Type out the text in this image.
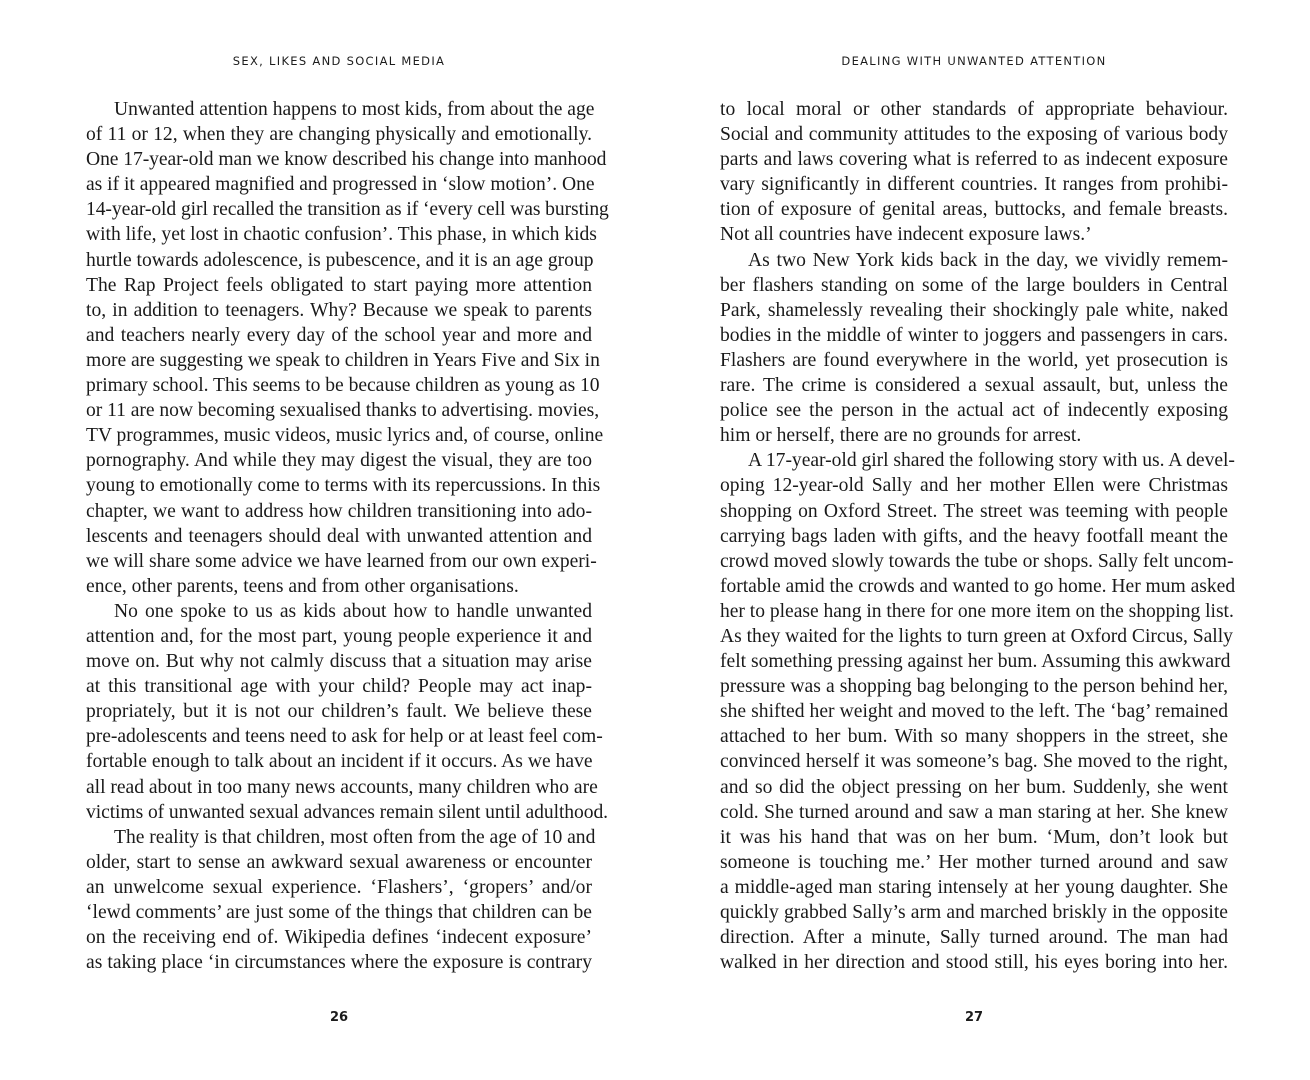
SEX, LIKES AND SOCIAL MEDIA
Unwanted attention happens to most kids, from about the age
of 11 or 12, when they are changing physically and emotionally.
One 17-year-old man we know described his change into manhood
as if it appeared magnified and progressed in ‘slow motion’. One
14-year-old girl recalled the transition as if ‘every cell was bursting
with life, yet lost in chaotic confusion’. This phase, in which kids
hurtle towards adolescence, is pubescence, and it is an age group
The Rap Project feels obligated to start paying more attention
to, in addition to teenagers. Why? Because we speak to parents
and teachers nearly every day of the school year and more and
more are suggesting we speak to children in Years Five and Six in
primary school. This seems to be because children as young as 10
or 11 are now becoming sexualised thanks to advertising. movies,
TV programmes, music videos, music lyrics and, of course, online
pornography. And while they may digest the visual, they are too
young to emotionally come to terms with its repercussions. In this
chapter, we want to address how children transitioning into ado-
lescents and teenagers should deal with unwanted attention and
we will share some advice we have learned from our own experi-
ence, other parents, teens and from other organisations.
No one spoke to us as kids about how to handle unwanted
attention and, for the most part, young people experience it and
move on. But why not calmly discuss that a situation may arise
at this transitional age with your child? People may act inap-
propriately, but it is not our children’s fault. We believe these
pre-adolescents and teens need to ask for help or at least feel com-
fortable enough to talk about an incident if it occurs. As we have
all read about in too many news accounts, many children who are
victims of unwanted sexual advances remain silent until adulthood.
The reality is that children, most often from the age of 10 and
older, start to sense an awkward sexual awareness or encounter
an unwelcome sexual experience. ‘Flashers’, ‘gropers’ and/or
‘lewd comments’ are just some of the things that children can be
on the receiving end of. Wikipedia defines ‘indecent exposure’
as taking place ‘in circumstances where the exposure is contrary
26
DEALING WITH UNWANTED ATTENTION
to local moral or other standards of appropriate behaviour.
Social and community attitudes to the exposing of various body
parts and laws covering what is referred to as indecent exposure
vary significantly in different countries. It ranges from prohibi-
tion of exposure of genital areas, buttocks, and female breasts.
Not all countries have indecent exposure laws.’
As two New York kids back in the day, we vividly remem-
ber flashers standing on some of the large boulders in Central
Park, shamelessly revealing their shockingly pale white, naked
bodies in the middle of winter to joggers and passengers in cars.
Flashers are found everywhere in the world, yet prosecution is
rare. The crime is considered a sexual assault, but, unless the
police see the person in the actual act of indecently exposing
him or herself, there are no grounds for arrest.
A 17-year-old girl shared the following story with us. A devel-
oping 12-year-old Sally and her mother Ellen were Christmas
shopping on Oxford Street. The street was teeming with people
carrying bags laden with gifts, and the heavy footfall meant the
crowd moved slowly towards the tube or shops. Sally felt uncom-
fortable amid the crowds and wanted to go home. Her mum asked
her to please hang in there for one more item on the shopping list.
As they waited for the lights to turn green at Oxford Circus, Sally
felt something pressing against her bum. Assuming this awkward
pressure was a shopping bag belonging to the person behind her,
she shifted her weight and moved to the left. The ‘bag’ remained
attached to her bum. With so many shoppers in the street, she
convinced herself it was someone’s bag. She moved to the right,
and so did the object pressing on her bum. Suddenly, she went
cold. She turned around and saw a man staring at her. She knew
it was his hand that was on her bum. ‘Mum, don’t look but
someone is touching me.’ Her mother turned around and saw
a middle-aged man staring intensely at her young daughter. She
quickly grabbed Sally’s arm and marched briskly in the opposite
direction. After a minute, Sally turned around. The man had
walked in her direction and stood still, his eyes boring into her.
27
